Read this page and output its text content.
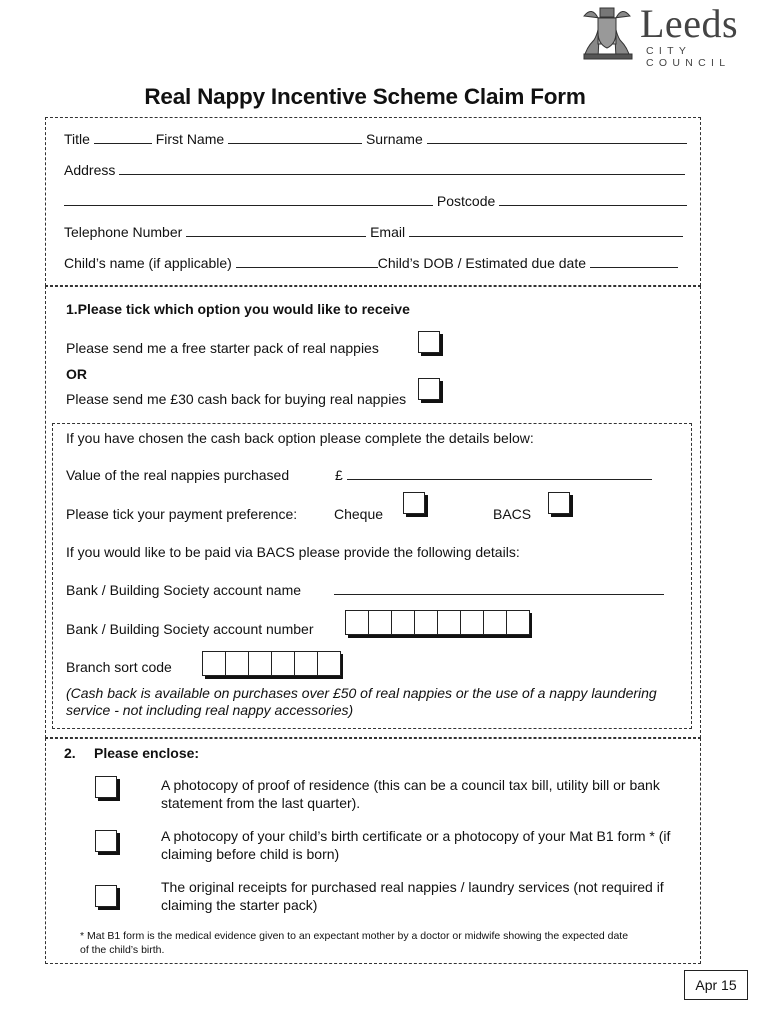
Leeds
CITY COUNCIL
Real Nappy Incentive Scheme Claim Form
Title	First Name	Surname
Address
Postcode
Telephone Number	Email
Child’s name (if applicable)	Child’s DOB / Estimated due date
1.Please tick which option you would like to receive
Please send me a free starter pack of real nappies
OR
Please send me £30 cash back for buying real nappies
If you have chosen the cash back option please complete the details below:
Value of the real nappies purchased	£
Please tick your payment preference:	Cheque	BACS
If you would like to be paid via BACS please provide the following details:
Bank / Building Society account name
Bank / Building Society account number
Branch sort code
(Cash back is available on purchases over £50 of real nappies or the use of a nappy laundering
service - not including real nappy accessories)
2. Please enclose:
A photocopy of proof of residence (this can be a council tax bill, utility bill or bank
statement from the last quarter).
A photocopy of your child’s birth certificate or a photocopy of your Mat B1 form * (if
claiming before child is born)
The original receipts for purchased real nappies / laundry services (not required if
claiming the starter pack)
* Mat B1 form is the medical evidence given to an expectant mother by a doctor or midwife showing the expected date
of the child’s birth.
Apr 15
